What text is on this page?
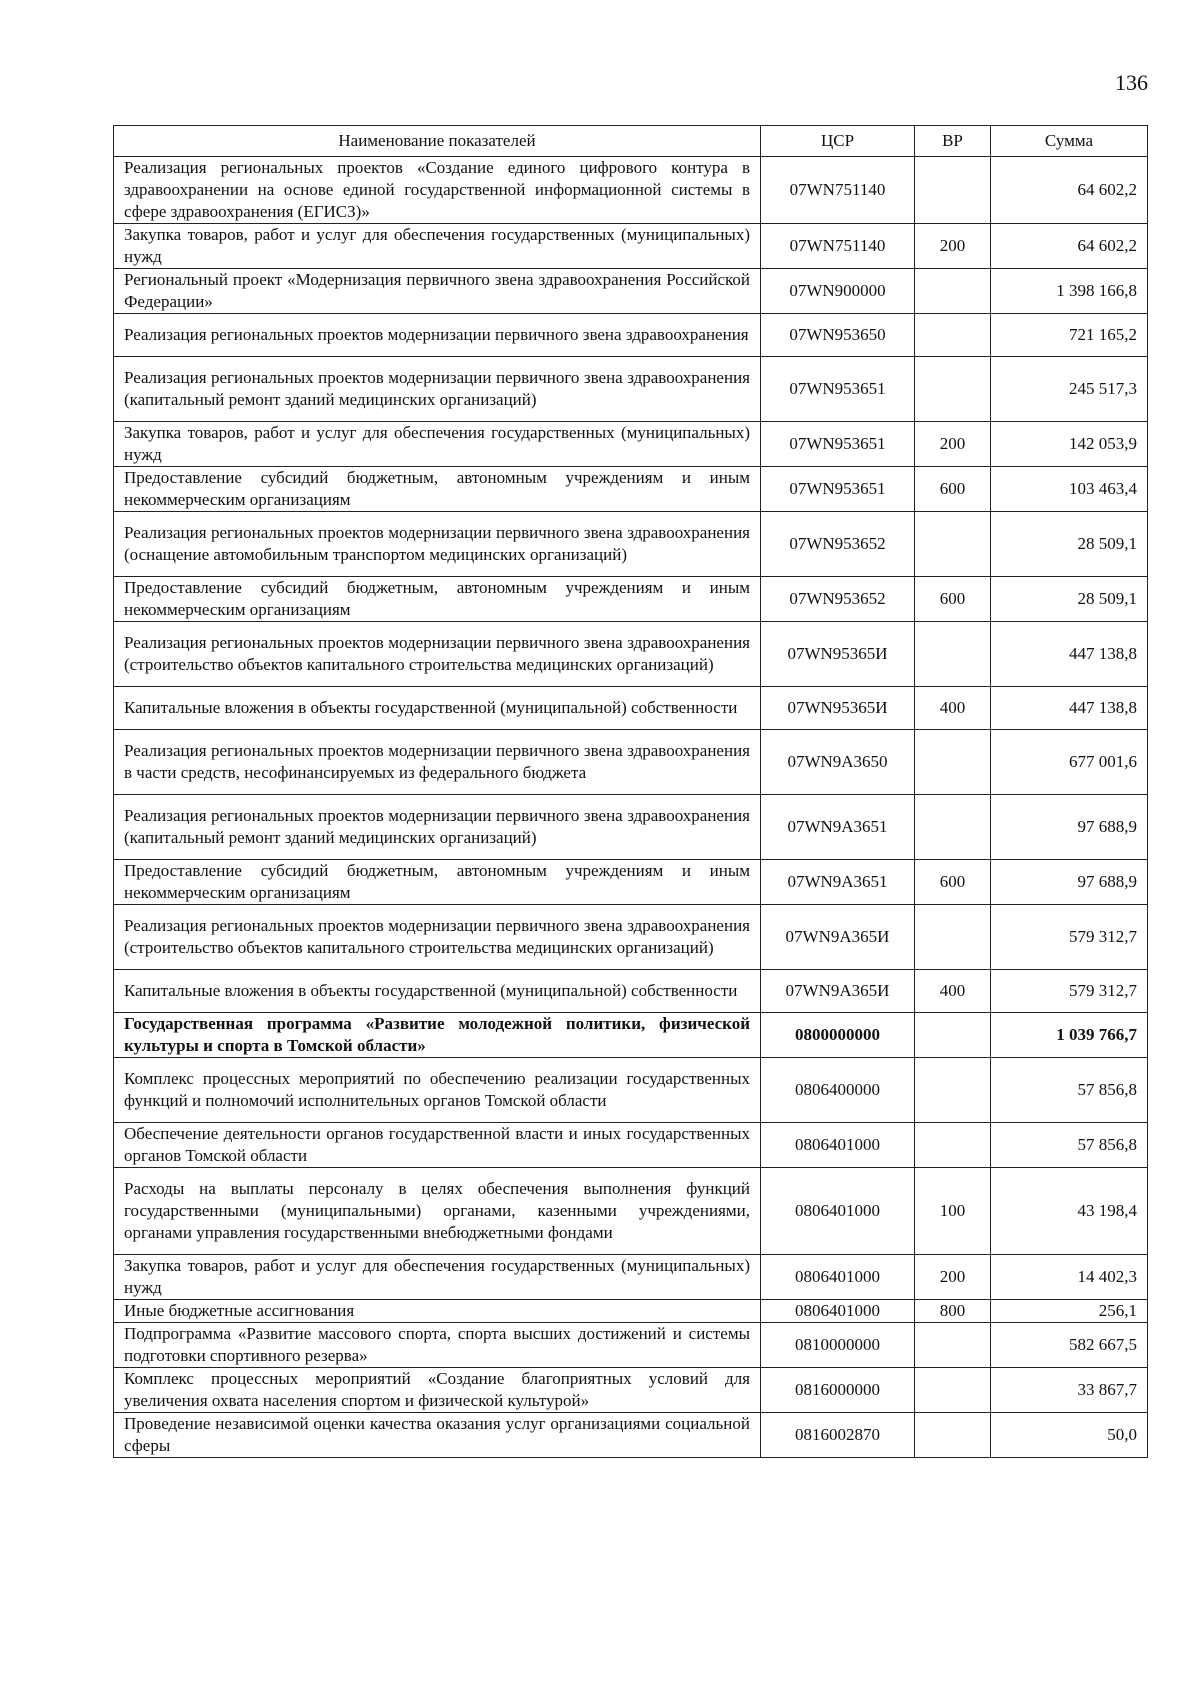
136
Наименование показателей	ЦСР	ВР	Сумма
Реализация региональных проектов «Создание единого цифрового контура в здравоохранении на основе единой государственной информационной системы в сфере здравоохранения (ЕГИСЗ)»	07WN751140		64 602,2
Закупка товаров, работ и услуг для обеспечения государственных (муниципальных) нужд	07WN751140	200	64 602,2
Региональный проект «Модернизация первичного звена здравоохранения Российской Федерации»	07WN900000		1 398 166,8
Реализация региональных проектов модернизации первичного звена здравоохранения	07WN953650		721 165,2
Реализация региональных проектов модернизации первичного звена здравоохранения (капитальный ремонт зданий медицинских организаций)	07WN953651		245 517,3
Закупка товаров, работ и услуг для обеспечения государственных (муниципальных) нужд	07WN953651	200	142 053,9
Предоставление субсидий бюджетным, автономным учреждениям и иным некоммерческим организациям	07WN953651	600	103 463,4
Реализация региональных проектов модернизации первичного звена здравоохранения (оснащение автомобильным транспортом медицинских организаций)	07WN953652		28 509,1
Предоставление субсидий бюджетным, автономным учреждениям и иным некоммерческим организациям	07WN953652	600	28 509,1
Реализация региональных проектов модернизации первичного звена здравоохранения (строительство объектов капитального строительства медицинских организаций)	07WN95365И		447 138,8
Капитальные вложения в объекты государственной (муниципальной) собственности	07WN95365И	400	447 138,8
Реализация региональных проектов модернизации первичного звена здравоохранения в части средств, несофинансируемых из федерального бюджета	07WN9А3650		677 001,6
Реализация региональных проектов модернизации первичного звена здравоохранения (капитальный ремонт зданий медицинских организаций)	07WN9А3651		97 688,9
Предоставление субсидий бюджетным, автономным учреждениям и иным некоммерческим организациям	07WN9А3651	600	97 688,9
Реализация региональных проектов модернизации первичного звена здравоохранения (строительство объектов капитального строительства медицинских организаций)	07WN9А365И		579 312,7
Капитальные вложения в объекты государственной (муниципальной) собственности	07WN9А365И	400	579 312,7
Государственная программа «Развитие молодежной политики, физической культуры и спорта в Томской области»	0800000000		1 039 766,7
Комплекс процессных мероприятий по обеспечению реализации государственных функций и полномочий исполнительных органов Томской области	0806400000		57 856,8
Обеспечение деятельности органов государственной власти и иных государственных органов Томской области	0806401000		57 856,8
Расходы на выплаты персоналу в целях обеспечения выполнения функций государственными (муниципальными) органами, казенными учреждениями, органами управления государственными внебюджетными фондами	0806401000	100	43 198,4
Закупка товаров, работ и услуг для обеспечения государственных (муниципальных) нужд	0806401000	200	14 402,3
Иные бюджетные ассигнования	0806401000	800	256,1
Подпрограмма «Развитие массового спорта, спорта высших достижений и системы подготовки спортивного резерва»	0810000000		582 667,5
Комплекс процессных мероприятий «Создание благоприятных условий для увеличения охвата населения спортом и физической культурой»	0816000000		33 867,7
Проведение независимой оценки качества оказания услуг организациями социальной сферы	0816002870		50,0
